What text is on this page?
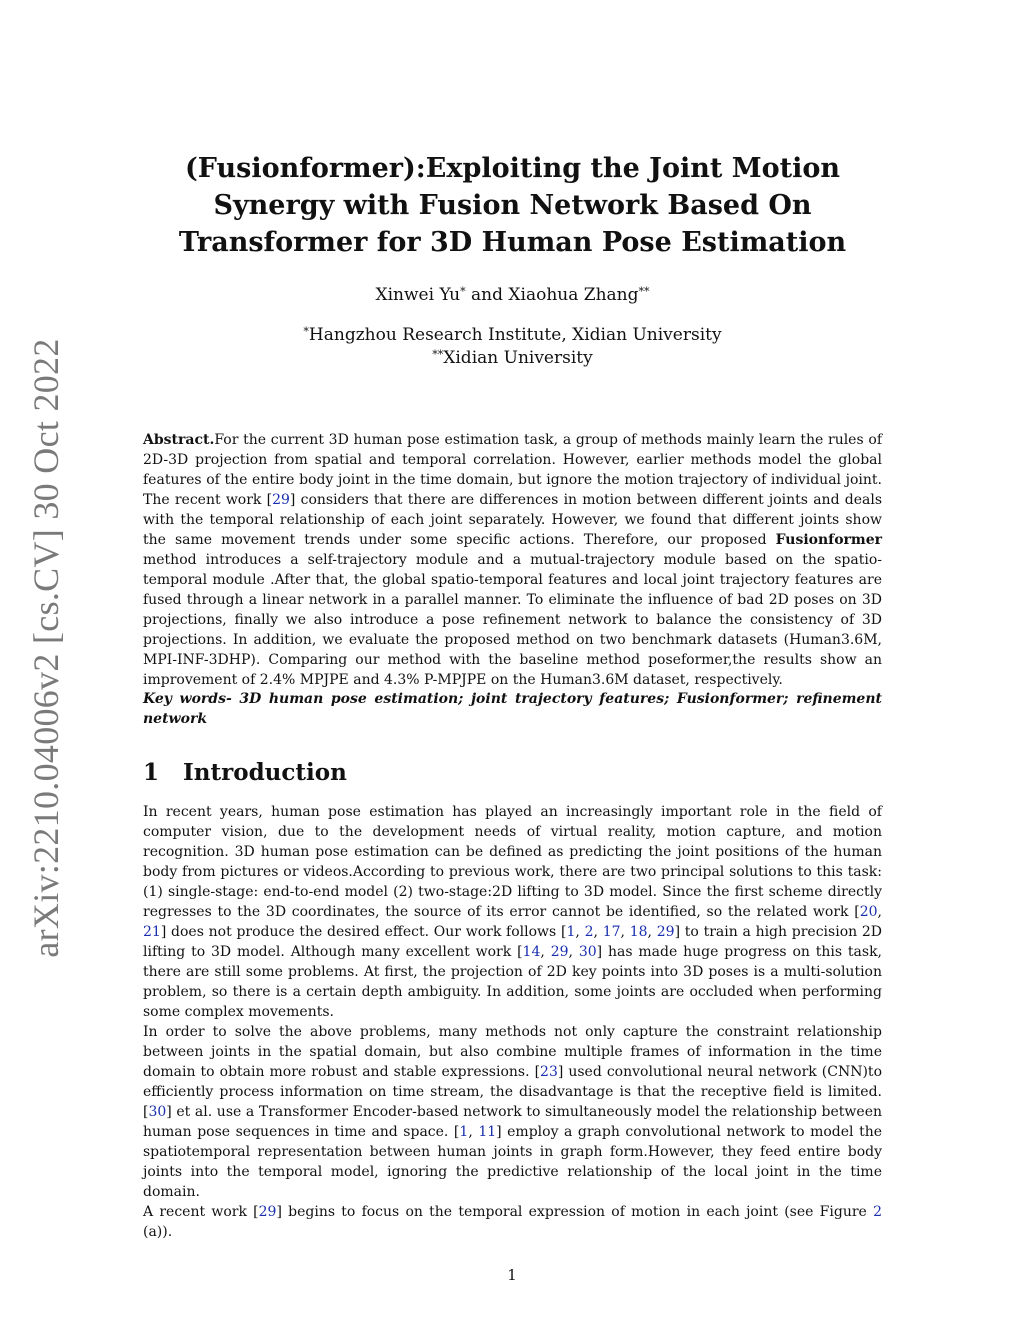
arXiv:2210.04006v2 [cs.CV] 30 Oct 2022
(Fusionformer):Exploiting the Joint Motion
Synergy with Fusion Network Based On
Transformer for 3D Human Pose Estimation
Xinwei Yu* and Xiaohua Zhang**
*Hangzhou Research Institute, Xidian University
**Xidian University
Abstract.For the current 3D human pose estimation task, a group of methods mainly learn the rules of 2D-3D projection from spatial and temporal correlation. However, earlier methods model the global features of the entire body joint in the time domain, but ignore the motion trajectory of individual joint. The recent work [29] considers that there are differences in motion between different joints and deals with the temporal relationship of each joint separately. However, we found that different joints show the same movement trends under some specific actions. Therefore, our proposed Fusionformer method introduces a self-trajectory module and a mutual-trajectory module based on the spatio-temporal module .After that, the global spatio-temporal features and local joint trajectory features are fused through a linear network in a parallel manner. To eliminate the influence of bad 2D poses on 3D projections, finally we also introduce a pose refinement network to balance the consistency of 3D projections. In addition, we evaluate the proposed method on two benchmark datasets (Human3.6M, MPI-INF-3DHP). Comparing our method with the baseline method poseformer,the results show an improvement of 2.4% MPJPE and 4.3% P-MPJPE on the Human3.6M dataset, respectively.
Key words- 3D human pose estimation; joint trajectory features; Fusionformer; refinement network
1 Introduction
In recent years, human pose estimation has played an increasingly important role in the field of computer vision, due to the development needs of virtual reality, motion capture, and motion recognition. 3D human pose estimation can be defined as predicting the joint positions of the human body from pictures or videos.According to previous work, there are two principal solutions to this task: (1) single-stage: end-to-end model (2) two-stage:2D lifting to 3D model. Since the first scheme directly regresses to the 3D coordinates, the source of its error cannot be identified, so the related work [20, 21] does not produce the desired effect. Our work follows [1, 2, 17, 18, 29] to train a high precision 2D lifting to 3D model. Although many excellent work [14, 29, 30] has made huge progress on this task, there are still some problems. At first, the projection of 2D key points into 3D poses is a multi-solution problem, so there is a certain depth ambiguity. In addition, some joints are occluded when performing some complex movements.
In order to solve the above problems, many methods not only capture the constraint relationship between joints in the spatial domain, but also combine multiple frames of information in the time domain to obtain more robust and stable expressions. [23] used convolutional neural network (CNN)to efficiently process information on time stream, the disadvantage is that the receptive field is limited. [30] et al. use a Transformer Encoder-based network to simultaneously model the relationship between human pose sequences in time and space. [1, 11] employ a graph convolutional network to model the spatiotemporal representation between human joints in graph form.However, they feed entire body joints into the temporal model, ignoring the predictive relationship of the local joint in the time domain.
A recent work [29] begins to focus on the temporal expression of motion in each joint (see Figure 2 (a)).
1
